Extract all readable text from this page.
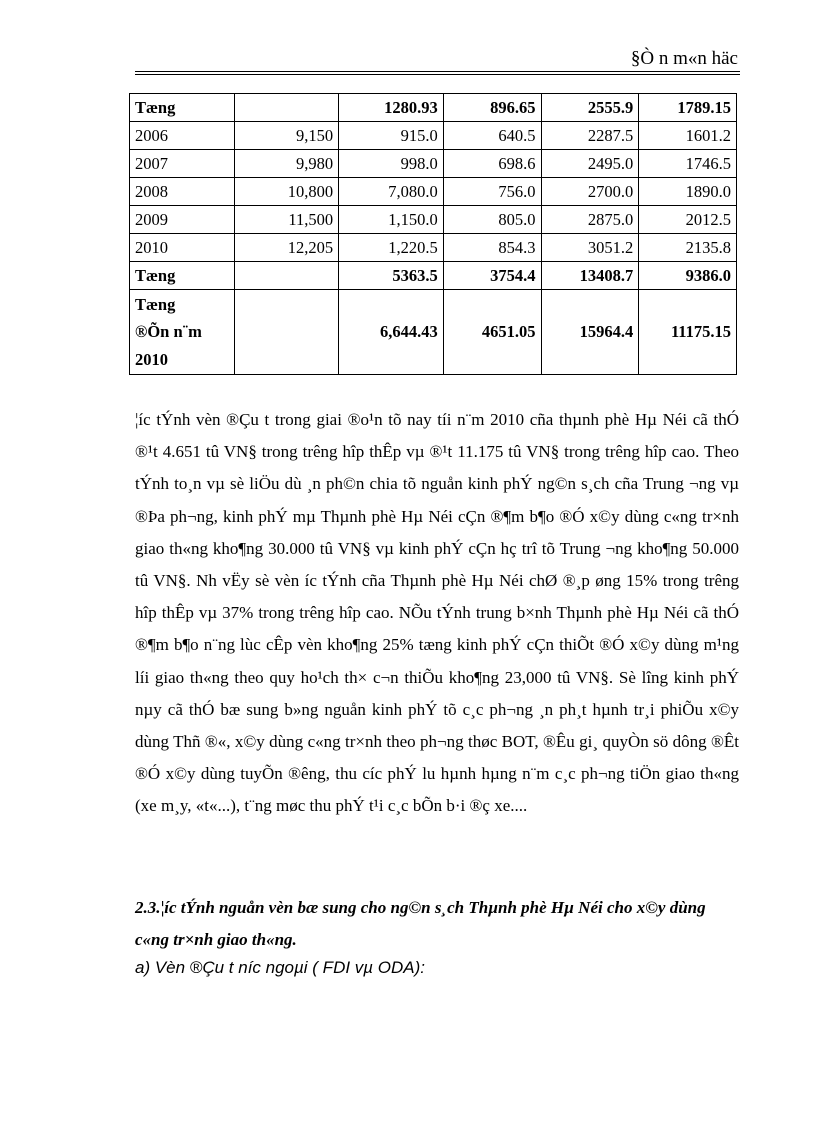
§Ò n m«n häc
Tæng		1280.93	896.65	2555.9	1789.15
2006	9,150	915.0	640.5	2287.5	1601.2
2007	9,980	998.0	698.6	2495.0	1746.5
2008	10,800	7,080.0	756.0	2700.0	1890.0
2009	11,500	1,150.0	805.0	2875.0	2012.5
2010	12,205	1,220.5	854.3	3051.2	2135.8
Tæng		5363.5	3754.4	13408.7	9386.0
Tæng
®Õn n¨m
2010		6,644.43	4651.05	15964.4	11175.15

¦íc tÝnh vèn ®Çu t trong giai ®o¹n tõ nay tíi n¨m 2010 cña thµnh phè Hµ Néi cã thÓ ®¹t 4.651 tû VN§ trong trêng hîp thÊp vµ ®¹t 11.175 tû VN§ trong trêng hîp cao. Theo tÝnh to¸n vµ sè liÖu dù ¸n ph©n chia tõ nguån kinh phÝ ng©n s¸ch cña Trung ¬ng vµ ®Þa ph¬ng, kinh phÝ mµ Thµnh phè Hµ Néi cÇn ®¶m b¶o ®Ó x©y dùng c«ng tr×nh giao th«ng kho¶ng 30.000 tû VN§ vµ kinh phÝ cÇn hç trî tõ Trung ¬ng kho¶ng 50.000 tû VN§. Nh vËy sè vèn íc tÝnh cña Thµnh phè Hµ Néi chØ ®¸p øng 15% trong trêng hîp thÊp vµ 37% trong trêng hîp cao. NÕu tÝnh trung b×nh Thµnh phè Hµ Néi cã thÓ ®¶m b¶o n¨ng lùc cÊp vèn kho¶ng 25% tæng kinh phÝ cÇn thiÕt ®Ó x©y dùng m¹ng líi giao th«ng theo quy ho¹ch th× c¬n thiÕu kho¶ng 23,000 tû VN§. Sè lîng kinh phÝ nµy cã thÓ bæ sung b»ng nguån kinh phÝ tõ c¸c ph¬ng ¸n ph¸t hµnh tr¸i phiÕu x©y dùng Thñ ®«, x©y dùng c«ng tr×nh theo ph¬ng thøc BOT, ®Êu gi¸ quyÒn sö dông ®Êt ®Ó x©y dùng tuyÕn ®êng, thu cíc phÝ lu hµnh hµng n¨m c¸c ph¬ng tiÖn giao th«ng (xe m¸y, «t«...), t¨ng møc thu phÝ t¹i c¸c bÕn b·i ®ç xe....

2.3.¦íc tÝnh nguån vèn bæ sung cho ng©n s¸ch Thµnh phè Hµ Néi cho x©y dùng c«ng tr×nh giao th«ng.

a) Vèn ®Çu t níc ngoµi ( FDI vµ ODA):
